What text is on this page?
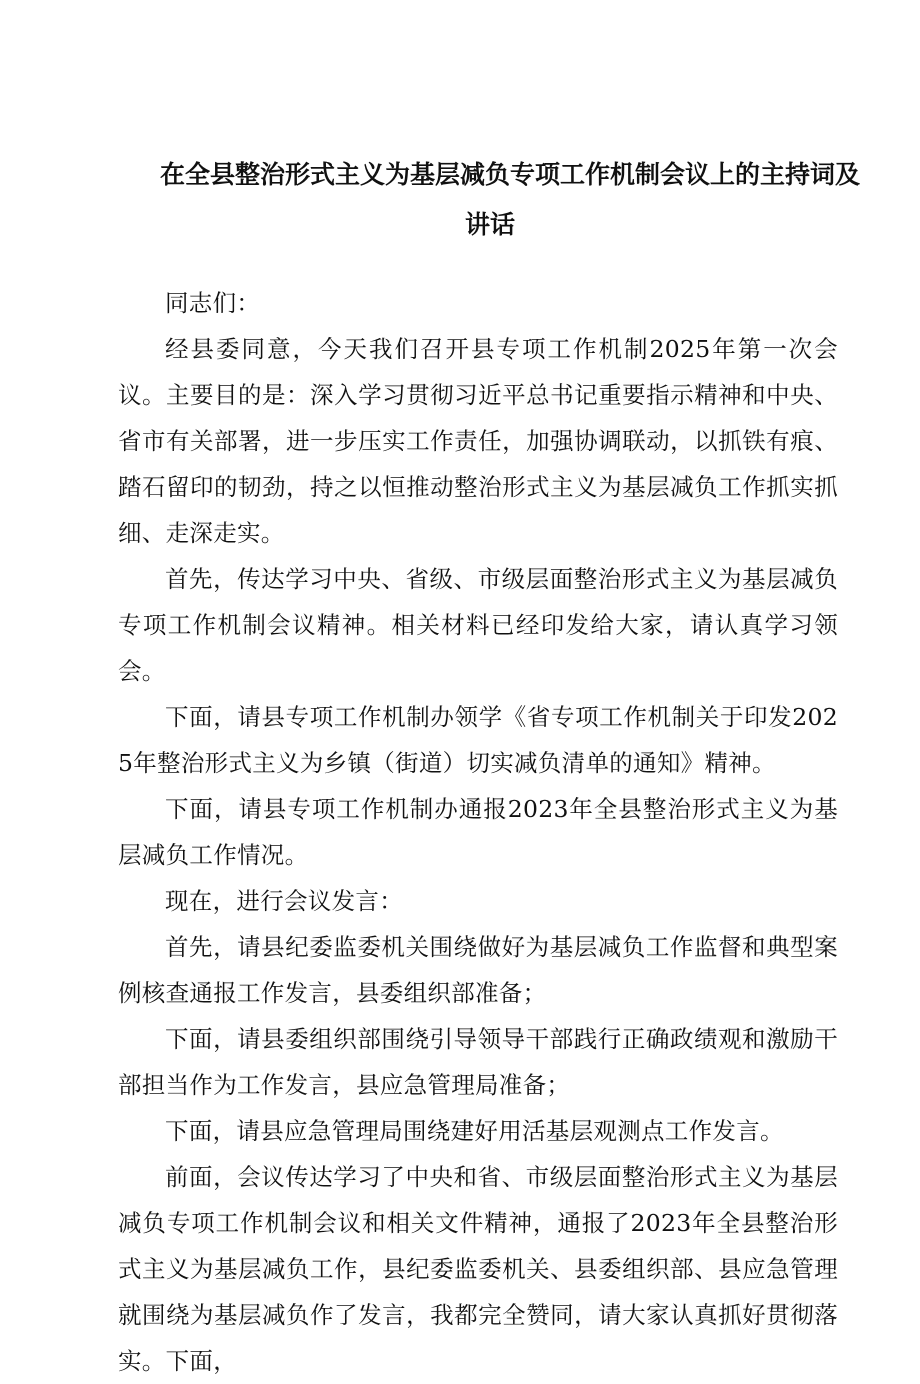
在全县整治形式主义为基层减负专项工作机制会议上的主持词及
讲话

同志们：

经县委同意，今天我们召开县专项工作机制2025年第一次会议。主要目的是：深入学习贯彻习近平总书记重要指示精神和中央、省市有关部署，进一步压实工作责任，加强协调联动，以抓铁有痕、踏石留印的韧劲，持之以恒推动整治形式主义为基层减负工作抓实抓细、走深走实。

首先，传达学习中央、省级、市级层面整治形式主义为基层减负专项工作机制会议精神。相关材料已经印发给大家，请认真学习领会。

下面，请县专项工作机制办领学《省专项工作机制关于印发2025年整治形式主义为乡镇（街道）切实减负清单的通知》精神。

下面，请县专项工作机制办通报2023年全县整治形式主义为基层减负工作情况。

现在，进行会议发言：

首先，请县纪委监委机关围绕做好为基层减负工作监督和典型案例核查通报工作发言，县委组织部准备；

下面，请县委组织部围绕引导领导干部践行正确政绩观和激励干部担当作为工作发言，县应急管理局准备；

下面，请县应急管理局围绕建好用活基层观测点工作发言。

前面，会议传达学习了中央和省、市级层面整治形式主义为基层减负专项工作机制会议和相关文件精神，通报了2023年全县整治形式主义为基层减负工作，县纪委监委机关、县委组织部、县应急管理就围绕为基层减负作了发言，我都完全赞同，请大家认真抓好贯彻落实。下面，
